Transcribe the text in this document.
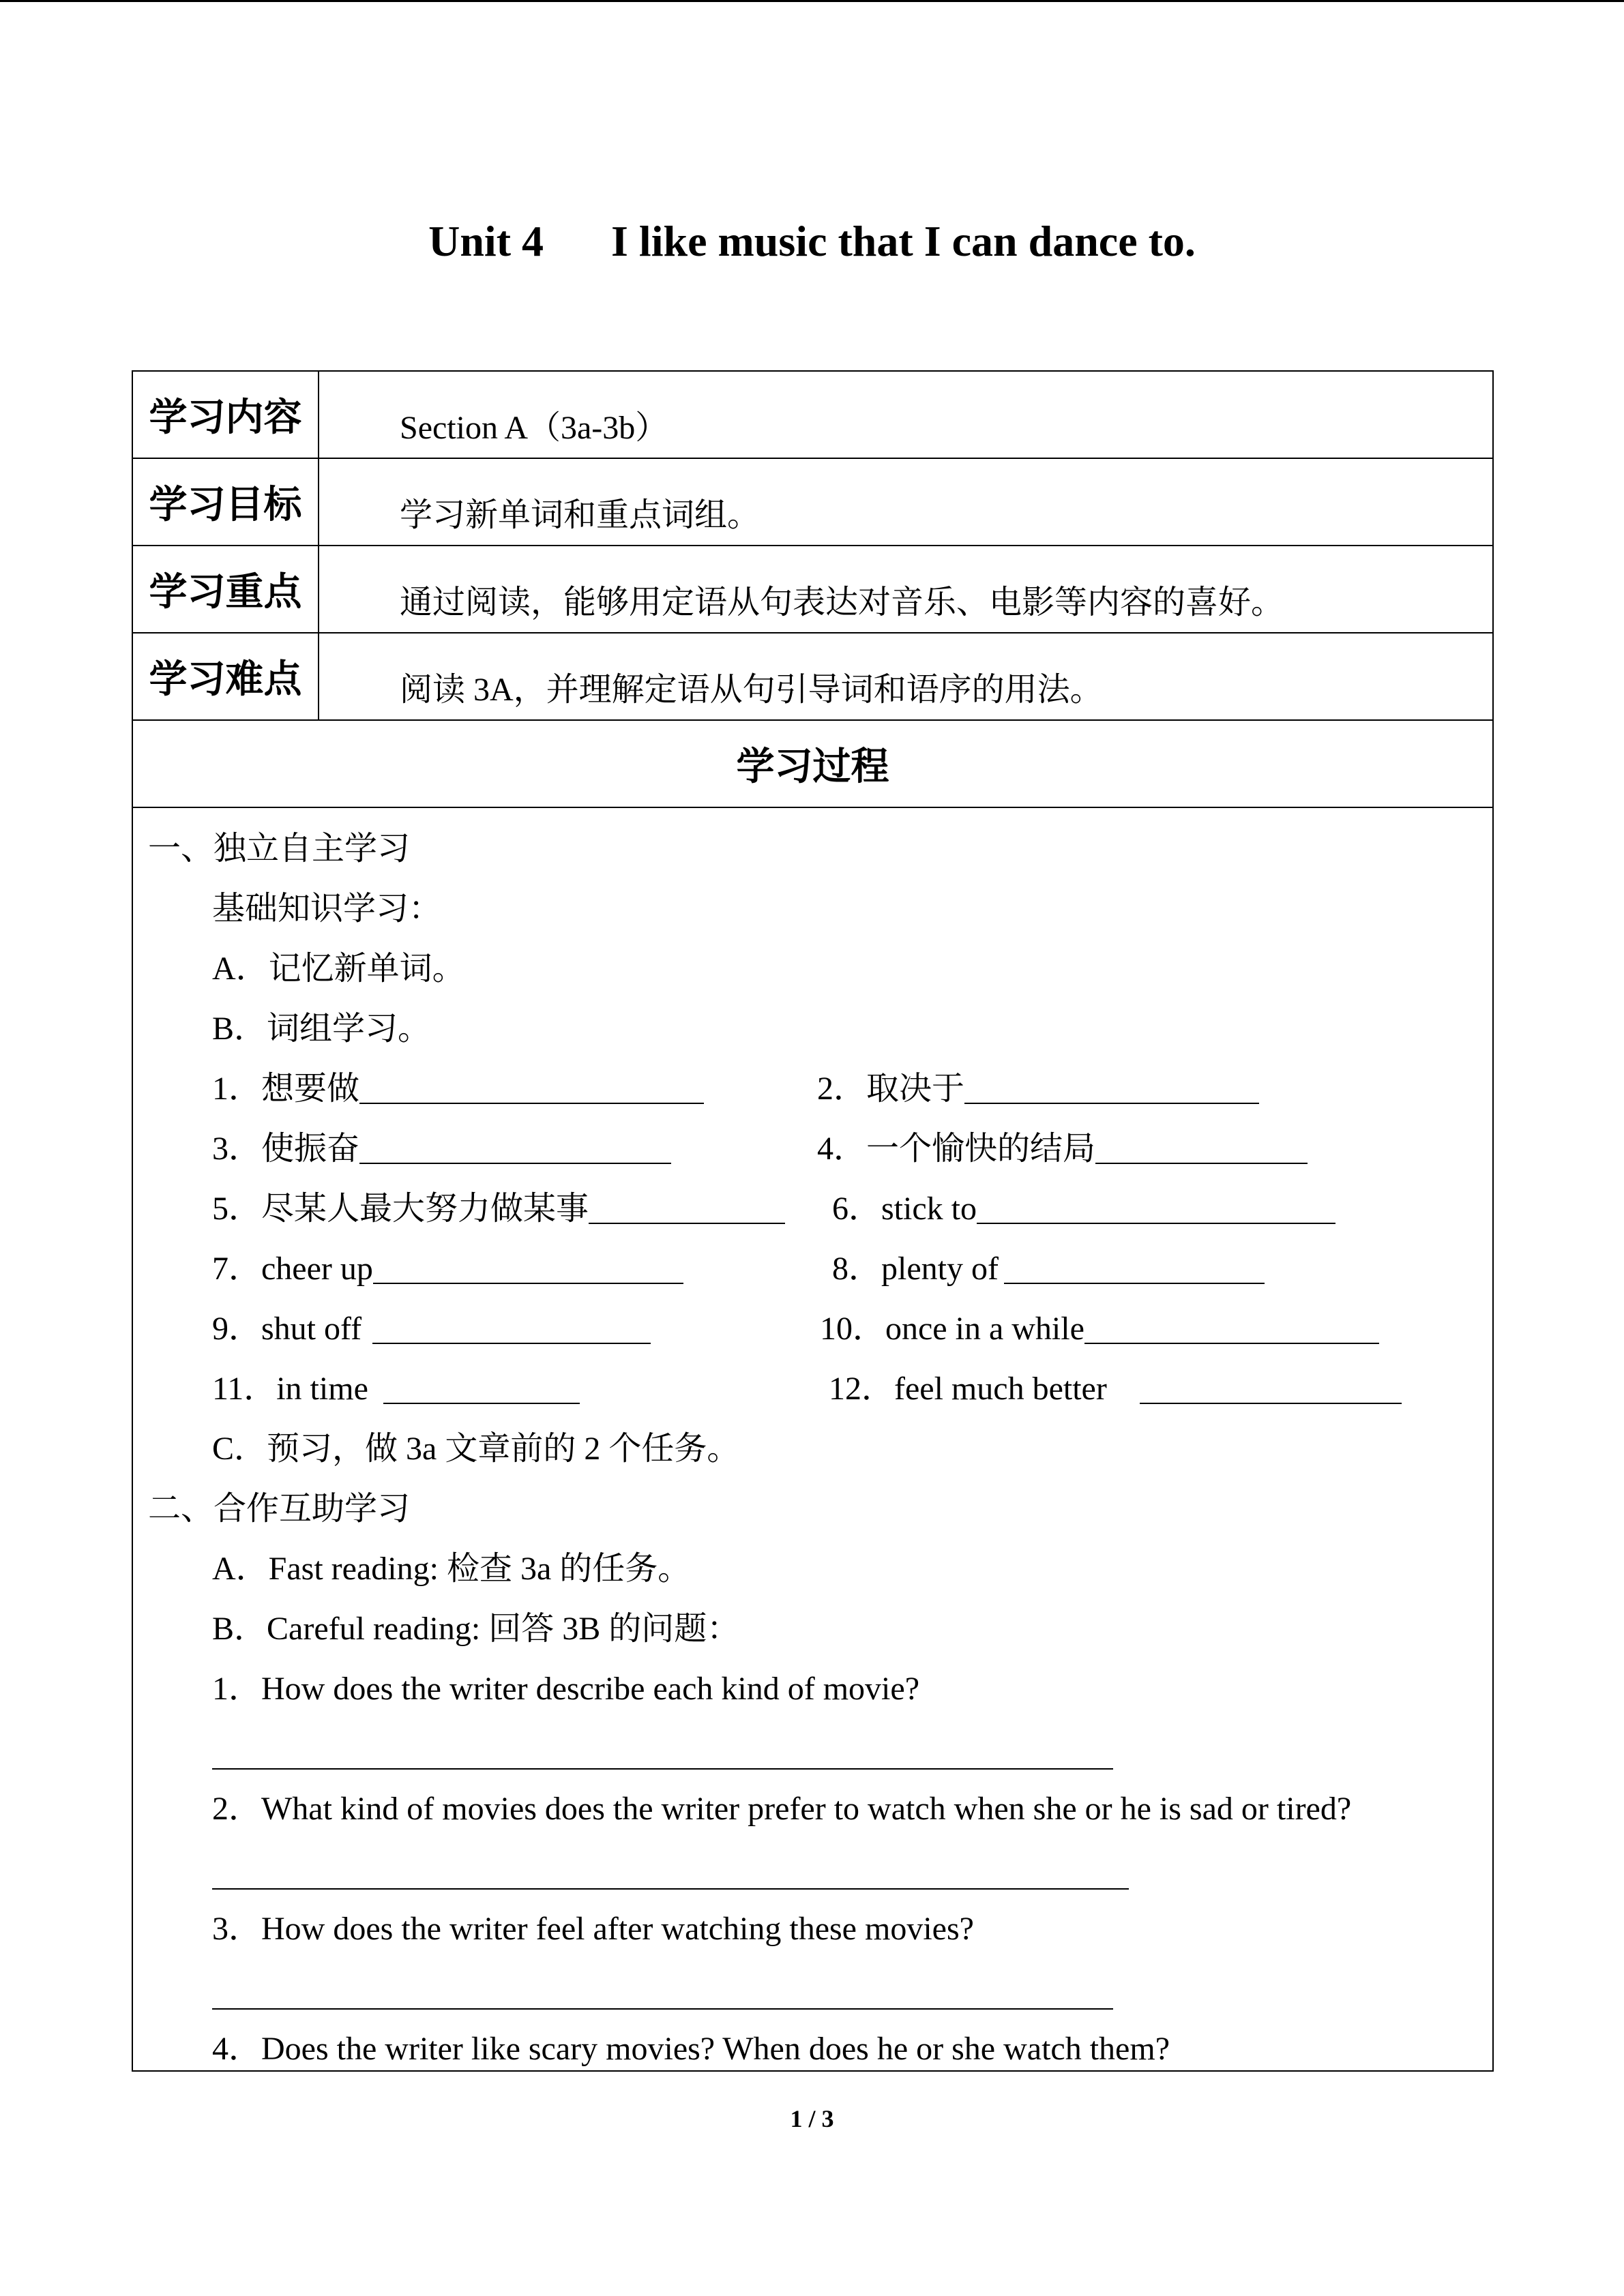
Unit 4 I like music that I can dance to.
学习内容	Section A（3a-3b）
学习目标	学习新单词和重点词组。
学习重点	通过阅读，能够用定语从句表达对音乐、电影等内容的喜好。
学习难点	阅读 3A，并理解定语从句引导词和语序的用法。
学习过程
一、独立自主学习
基础知识学习：
A．记忆新单词。
B．词组学习。
1．想要做	2．取决于
3．使振奋	4．一个愉快的结局
5．尽某人最大努力做某事	6．stick to
7．cheer up	8．plenty of
9．shut off	10．once in a while
11．in time	12．feel much better
C．预习，做 3a 文章前的 2 个任务。
二、合作互助学习
A．Fast reading: 检查 3a 的任务。
B．Careful reading: 回答 3B 的问题：
1．How does the writer describe each kind of movie?
2．What kind of movies does the writer prefer to watch when she or he is sad or tired?
3．How does the writer feel after watching these movies?
4．Does the writer like scary movies? When does he or she watch them?
1 / 3
